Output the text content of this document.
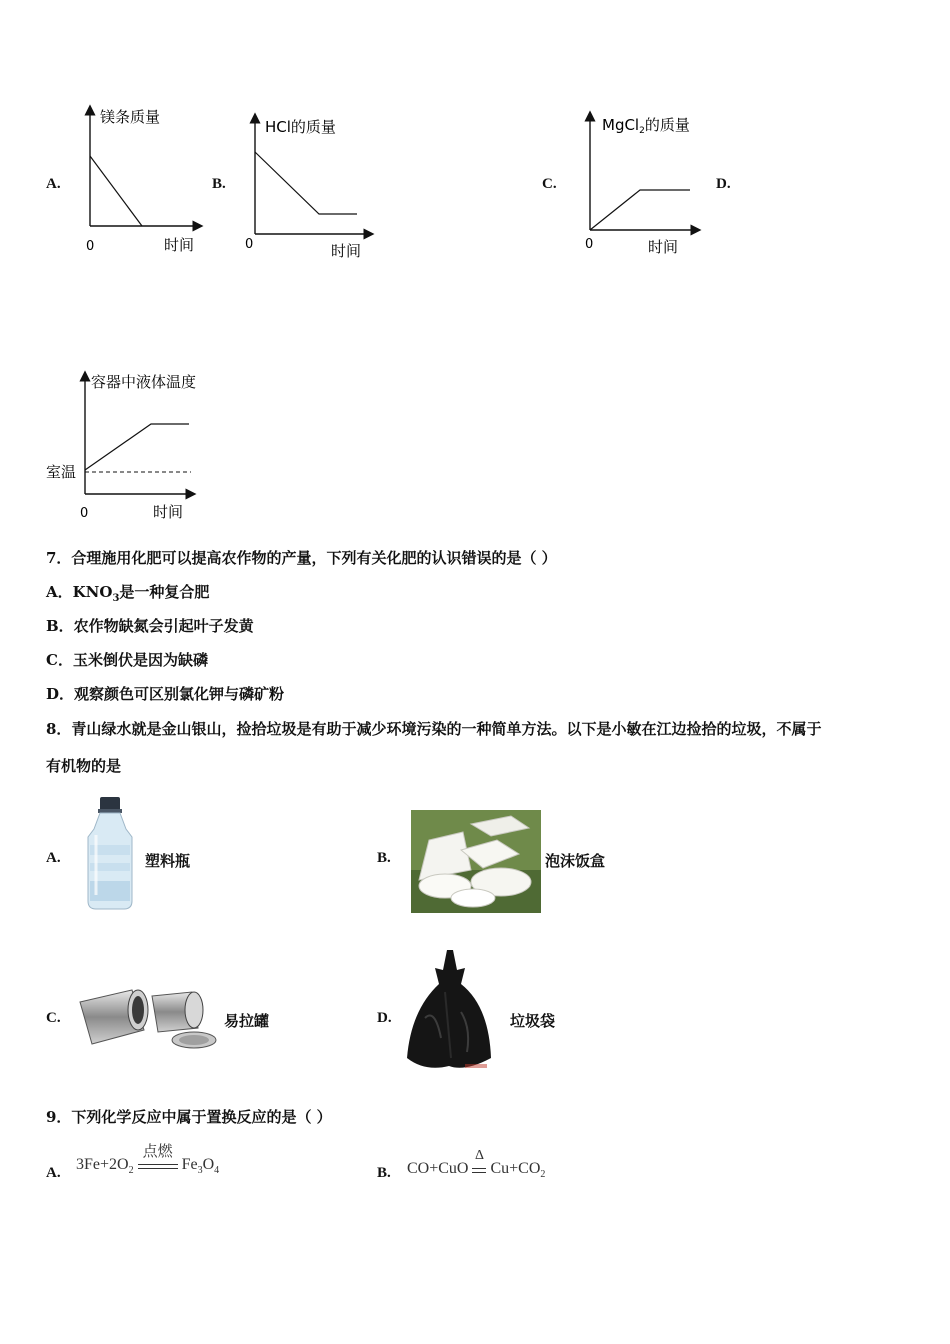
A.
镁条质量
时间
0
B.
HCl的质量
时间
0
C.
MgCl$_2$的质量
时间
0
D.
容器中液体温度
室温
时间
0
7．合理施用化肥可以提高农作物的产量，下列有关化肥的认识错误的是（ ）
A．$KNO_3$是一种复合肥
B．农作物缺氮会引起叶子发黄
C．玉米倒伏是因为缺磷
D．观察颜色可区别氯化钾与磷矿粉
8．青山绿水就是金山银山，捡拾垃圾是有助于减少环境污染的一种简单方法。以下是小敏在江边捡拾的垃圾，不属于
有机物的是
A.	塑料瓶	B.	泡沫饭盒
C.	易拉罐	D.	垃圾袋
9．下列化学反应中属于置换反应的是（ ）
A. $3Fe+2O_2$
点燃
$Fe_3O_4$	B. CO+CuO
Δ
$Cu+CO_2$
